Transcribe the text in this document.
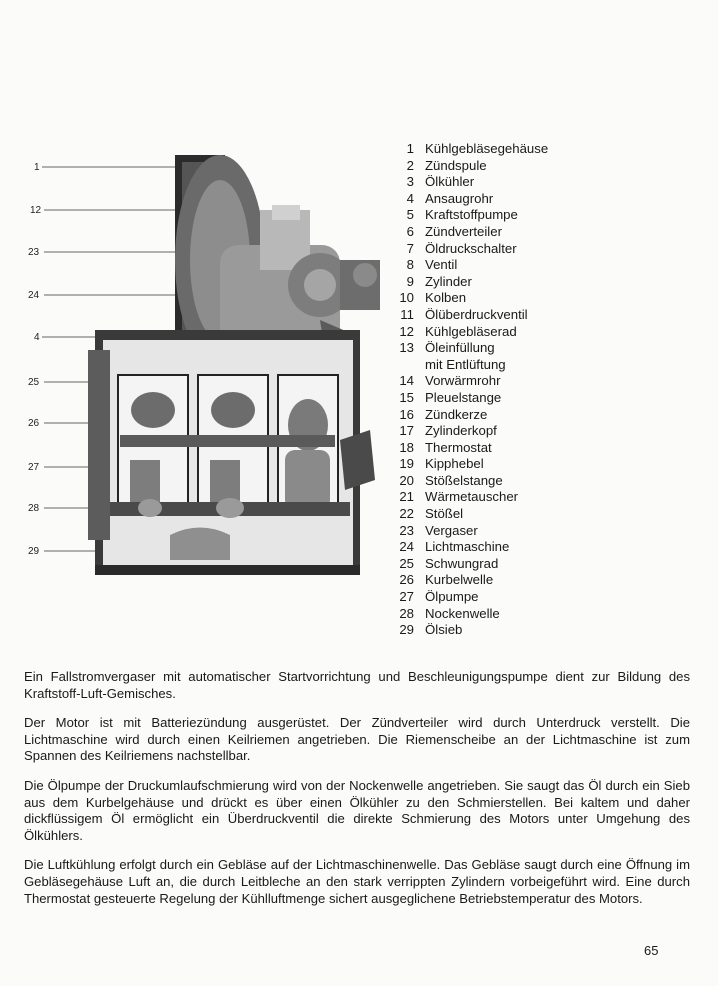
1
12
23
24
4
25
26
27
28
29
1 Kühlgebläsegehäuse
2 Zündspule
3 Ölkühler
4 Ansaugrohr
5 Kraftstoffpumpe
6 Zündverteiler
7 Öldruckschalter
8 Ventil
9 Zylinder
10 Kolben
11 Ölüberdruckventil
12 Kühlgebläserad
13 Öleinfüllung
mit Entlüftung
14 Vorwärmrohr
15 Pleuelstange
16 Zündkerze
17 Zylinderkopf
18 Thermostat
19 Kipphebel
20 Stößelstange
21 Wärmetauscher
22 Stößel
23 Vergaser
24 Lichtmaschine
25 Schwungrad
26 Kurbelwelle
27 Ölpumpe
28 Nockenwelle
29 Ölsieb

Ein Fallstromvergaser mit automatischer Startvorrichtung und Beschleunigungspumpe dient zur Bildung des Kraftstoff-Luft-Gemisches.

Der Motor ist mit Batteriezündung ausgerüstet. Der Zündverteiler wird durch Unterdruck verstellt. Die Lichtmaschine wird durch einen Keilriemen angetrieben. Die Riemenscheibe an der Lichtmaschine ist zum Spannen des Keilriemens nachstellbar.

Die Ölpumpe der Druckumlaufschmierung wird von der Nockenwelle angetrieben. Sie saugt das Öl durch ein Sieb aus dem Kurbelgehäuse und drückt es über einen Ölkühler zu den Schmierstellen. Bei kaltem und daher dickflüssigem Öl ermöglicht ein Überdruckventil die direkte Schmierung des Motors unter Umgehung des Ölkühlers.

Die Luftkühlung erfolgt durch ein Gebläse auf der Lichtmaschinenwelle. Das Gebläse saugt durch eine Öffnung im Gebläsegehäuse Luft an, die durch Leitbleche an den stark verrippten Zylindern vorbeigeführt wird. Eine durch Thermostat gesteuerte Regelung der Kühlluftmenge sichert ausgeglichene Betriebstemperatur des Motors.

65
